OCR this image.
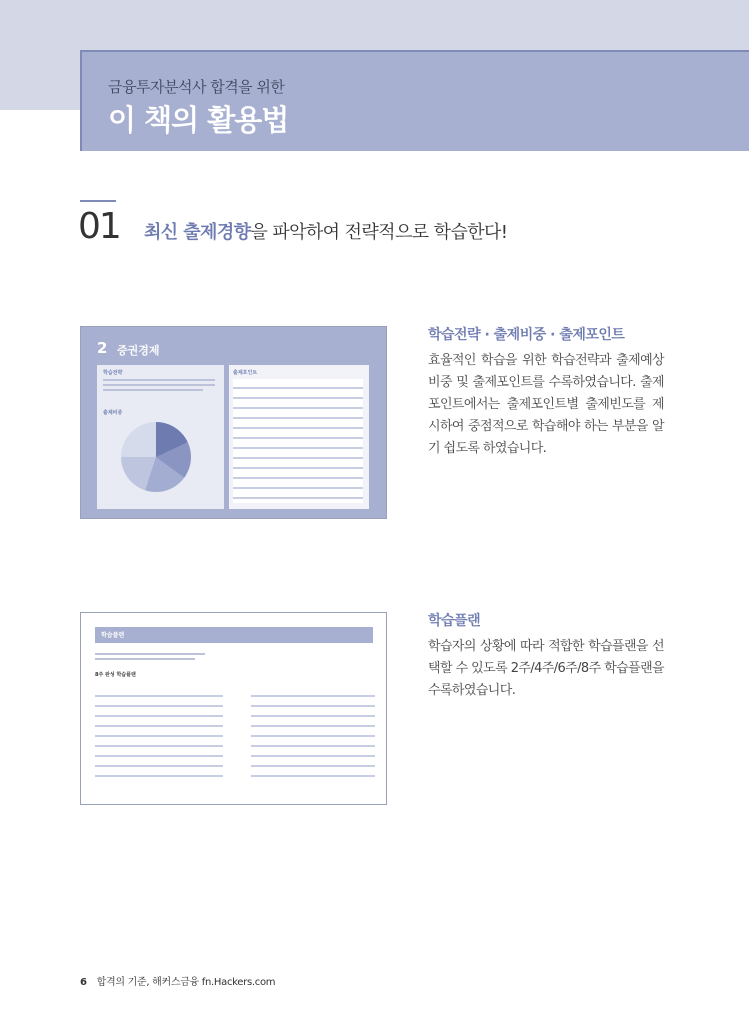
금융투자분석사 합격을 위한
이 책의 활용법
01 최신 출제경향을 파악하여 전략적으로 학습한다!
2 증권경제
학습전략
출제비중
출제포인트
학습전략 · 출제비중 · 출제포인트
효율적인 학습을 위한 학습전략과 출제예상 비중 및 출제포인트를 수록하였습니다. 출제포인트에서는 출제포인트별 출제빈도를 제시하여 중점적으로 학습해야 하는 부분을 알기 쉽도록 하였습니다.
학습플랜
8주 완성 학습플랜
학습플랜
학습자의 상황에 따라 적합한 학습플랜을 선택할 수 있도록 2주/4주/6주/8주 학습플랜을 수록하였습니다.
6 합격의 기준, 해커스금융 fn.Hackers.com
